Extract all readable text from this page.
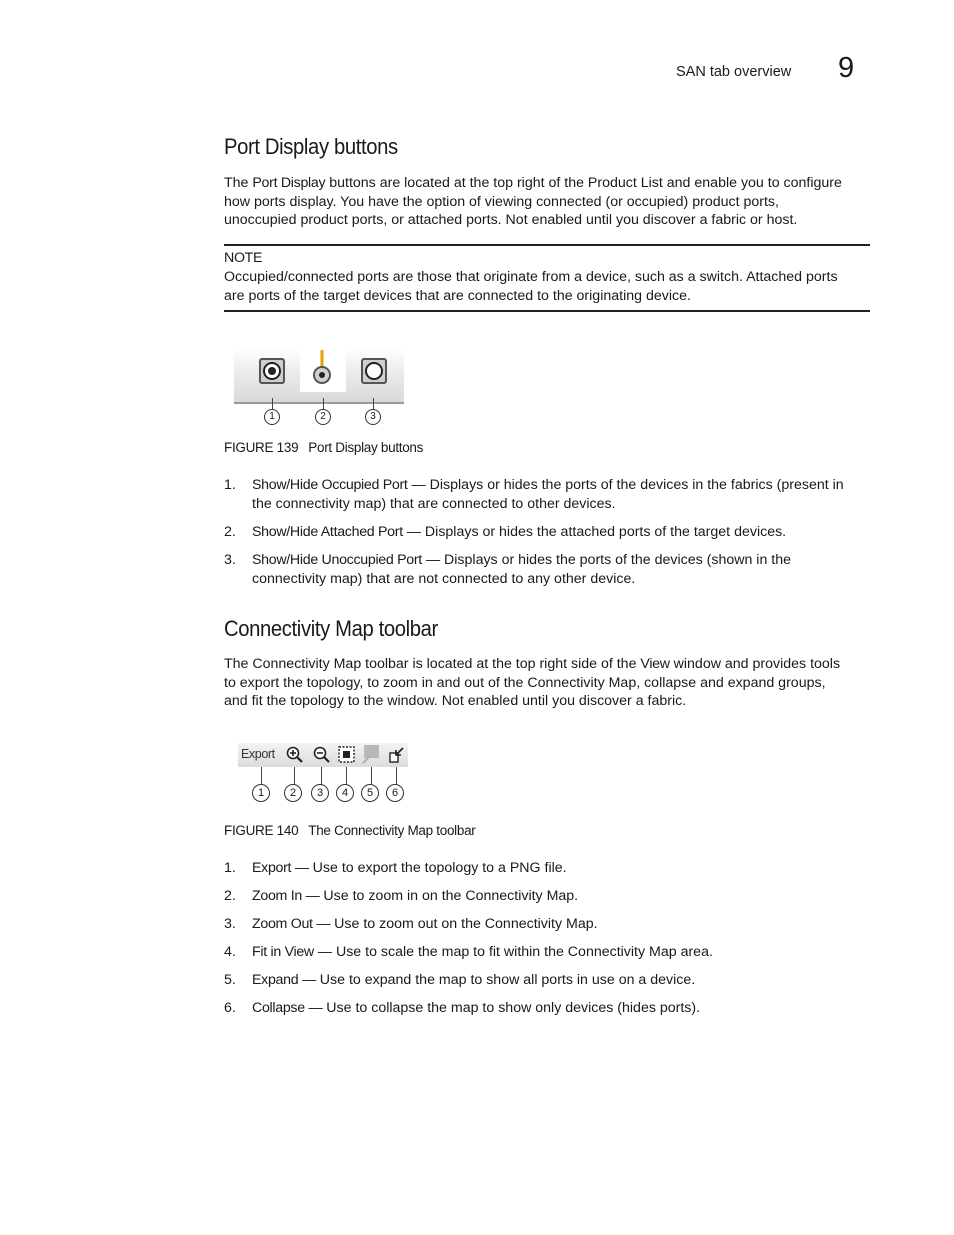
SAN tab overview 9
Port Display buttons
The Port Display buttons are located at the top right of the Product List and enable you to configure
how ports display. You have the option of viewing connected (or occupied) product ports,
unoccupied product ports, or attached ports. Not enabled until you discover a fabric or host.
NOTE
Occupied/connected ports are those that originate from a device, such as a switch. Attached ports
are ports of the target devices that are connected to the originating device.
1	2	3
FIGURE 139 Port Display buttons
1. Show/Hide Occupied Port — Displays or hides the ports of the devices in the fabrics (present in
the connectivity map) that are connected to other devices.
2. Show/Hide Attached Port — Displays or hides the attached ports of the target devices.
3. Show/Hide Unoccupied Port — Displays or hides the ports of the devices (shown in the
connectivity map) that are not connected to any other device.
Connectivity Map toolbar
The Connectivity Map toolbar is located at the top right side of the View window and provides tools
to export the topology, to zoom in and out of the Connectivity Map, collapse and expand groups,
and fit the topology to the window. Not enabled until you discover a fabric.
Export
1	2	3	4	5	6
FIGURE 140 The Connectivity Map toolbar
1. Export — Use to export the topology to a PNG file.
2. Zoom In — Use to zoom in on the Connectivity Map.
3. Zoom Out — Use to zoom out on the Connectivity Map.
4. Fit in View — Use to scale the map to fit within the Connectivity Map area.
5. Expand — Use to expand the map to show all ports in use on a device.
6. Collapse — Use to collapse the map to show only devices (hides ports).
